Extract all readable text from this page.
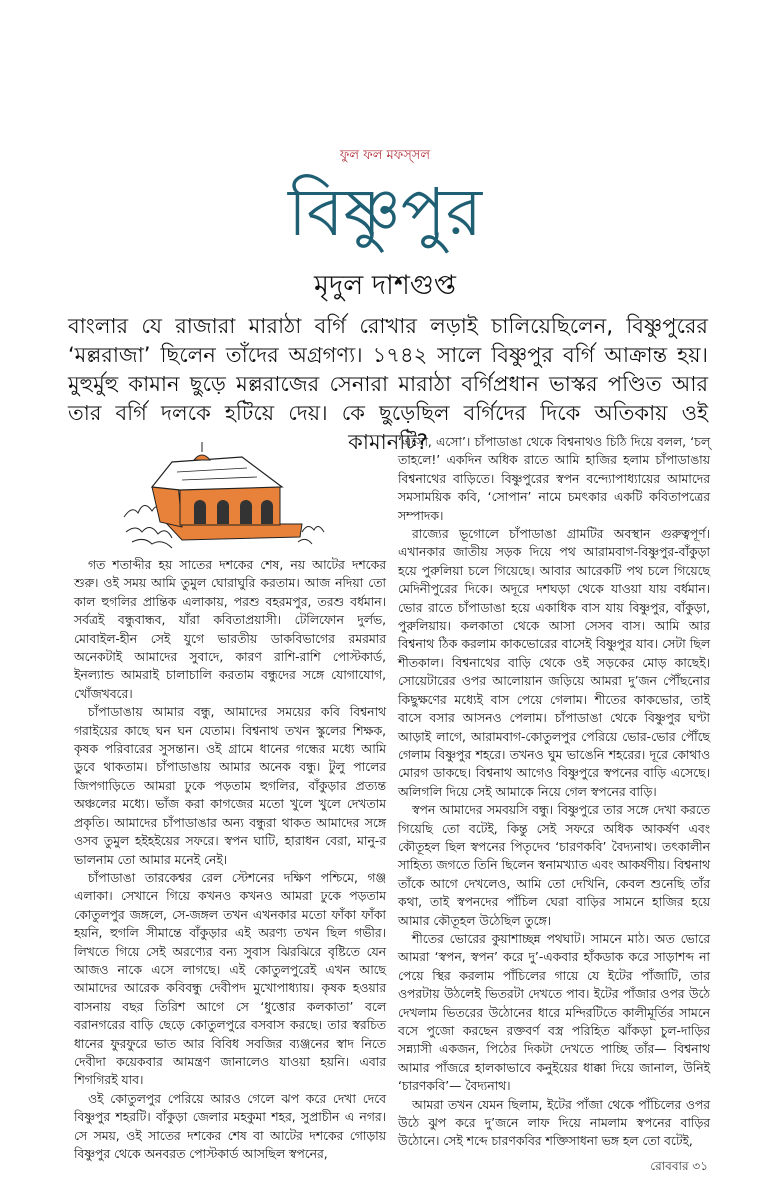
ফুল ফল মফস্‌সল
বিষ্ণুপুর
মৃদুল দাশগুপ্ত
বাংলার যে রাজারা মারাঠা বর্গি রোখার লড়াই চালিয়েছিলেন, বিষ্ণুপুরের ‘মল্লরাজা’ ছিলেন তাঁদের অগ্রগণ্য। ১৭৪২ সালে বিষ্ণুপুর বর্গি আক্রান্ত হয়। মুহুর্মুহু কামান ছুড়ে মল্লরাজের সেনারা মারাঠা বর্গিপ্রধান ভাস্কর পণ্ডিত আর তার বর্গি দলকে হটিয়ে দেয়। কে ছুড়েছিল বর্গিদের দিকে অতিকায় ওই কামানটি?

গত শতাব্দীর হয় সাতের দশকের শেষ, নয় আটের দশকের শুরু। ওই সময় আমি তুমুল ঘোরাঘুরি করতাম। আজ নদিয়া তো কাল হুগলির প্রান্তিক এলাকায়, পরশু বহরমপুর, তরশু বর্ধমান। সর্বত্রই বন্ধুবান্ধব, যাঁরা কবিতাপ্রয়াসী। টেলিফোন দুর্লভ, মোবাইল-হীন সেই যুগে ভারতীয় ডাকবিভাগের রমরমার অনেকটাই আমাদের সুবাদে, কারণ রাশি-রাশি পোস্টকার্ড, ইনল্যান্ড আমরাই চালাচালি করতাম বন্ধুদের সঙ্গে যোগাযোগ, খোঁজখবরে।

চাঁপাডাঙায় আমার বন্ধু, আমাদের সময়ের কবি বিশ্বনাথ গরাইয়ের কাছে ঘন ঘন যেতাম। বিশ্বনাথ তখন স্কুলের শিক্ষক, কৃষক পরিবারের সুসন্তান। ওই গ্রামে ধানের গন্ধের মধ্যে আমি ডুবে থাকতাম। চাঁপাডাঙায় আমার অনেক বন্ধু। টুলু পালের জিপগাড়িতে আমরা ঢুকে পড়তাম হুগলির, বাঁকুড়ার প্রত্যন্ত অঞ্চলের মধ্যে। ভাঁজ করা কাগজের মতো খুলে খুলে দেখতাম প্রকৃতি। আমাদের চাঁপাডাঙার অন্য বন্ধুরা থাকত আমাদের সঙ্গে ওসব তুমুল হইহইয়ের সফরে। স্বপন ঘাটি, হারাধন বেরা, মানু-র ভালনাম তো আমার মনেই নেই।

চাঁপাডাঙা তারকেশ্বর রেল স্টেশনের দক্ষিণ পশ্চিমে, গঞ্জ এলাকা। সেখানে গিয়ে কখনও কখনও আমরা ঢুকে পড়তাম কোতুলপুর জঙ্গলে, সে-জঙ্গল তখন এখনকার মতো ফাঁকা ফাঁকা হয়নি, হুগলি সীমান্তে বাঁকুড়ার এই অরণ্য তখন ছিল গভীর। লিখতে গিয়ে সেই অরণ্যের বন্য সুবাস ঝিরঝিরে বৃষ্টিতে যেন আজও নাকে এসে লাগছে। এই কোতুলপুরেই এখন আছে আমাদের আরেক কবিবন্ধু দেবীপদ মুখোপাধ্যায়। কৃষক হওয়ার বাসনায় বছর তিরিশ আগে সে ‘ধুত্তোর কলকাতা’ বলে বরানগরের বাড়ি ছেড়ে কোতুলপুরে বসবাস করছে। তার স্বরচিত ধানের ফুরফুরে ভাত আর বিবিধ সবজির ব্যঞ্জনের স্বাদ নিতে দেবীদা কয়েকবার আমন্ত্রণ জানালেও যাওয়া হয়নি। এবার শিগগিরই যাব।

ওই কোতুলপুর পেরিয়ে আরও গেলে ঝপ করে দেখা দেবে বিষ্ণুপুর শহরটি। বাঁকুড়া জেলার মহকুমা শহর, সুপ্রাচীন এ নগর। সে সময়, ওই সাতের দশকের শেষ বা আটের দশকের গোড়ায় বিষ্ণুপুর থেকে অনবরত পোস্টকার্ড আসছিল স্বপনের,

‘এসো, এসো’। চাঁপাডাঙা থেকে বিশ্বনাথও চিঠি দিয়ে বলল, ‘চল্ তাহলে!’ একদিন অধিক রাতে আমি হাজির হলাম চাঁপাডাঙায় বিশ্বনাথের বাড়িতে। বিষ্ণুপুরের স্বপন বন্দ্যোপাধ্যায়ের আমাদের সমসাময়িক কবি, ‘সোপান’ নামে চমৎকার একটি কবিতাপত্রের সম্পাদক।

রাজ্যের ভূগোলে চাঁপাডাঙা গ্রামটির অবস্থান গুরুত্বপূর্ণ। এখানকার জাতীয় সড়ক দিয়ে পথ আরামবাগ-বিষ্ণুপুর-বাঁকুড়া হয়ে পুরুলিয়া চলে গিয়েছে। আবার আরেকটি পথ চলে গিয়েছে মেদিনীপুরের দিকে। অদূরে দশঘড়া থেকে যাওয়া যায় বর্ধমান। ভোর রাতে চাঁপাডাঙা হয়ে একাধিক বাস যায় বিষ্ণুপুর, বাঁকুড়া, পুরুলিয়ায়। কলকাতা থেকে আসা সেসব বাস। আমি আর বিশ্বনাথ ঠিক করলাম কাকভোরের বাসেই বিষ্ণুপুর যাব। সেটা ছিল শীতকাল। বিশ্বনাথের বাড়ি থেকে ওই সড়কের মোড় কাছেই। সোয়েটারের ওপর আলোয়ান জড়িয়ে আমরা দু’জন পৌঁছনোর কিছুক্ষণের মধ্যেই বাস পেয়ে গেলাম। শীতের কাকভোর, তাই বাসে বসার আসনও পেলাম। চাঁপাডাঙা থেকে বিষ্ণুপুর ঘণ্টা আড়াই লাগে, আরামবাগ-কোতুলপুর পেরিয়ে ভোর-ভোর পৌঁছে গেলাম বিষ্ণুপুর শহরে। তখনও ঘুম ভাঙেনি শহরের। দূরে কোথাও মোরগ ডাকছে। বিশ্বনাথ আগেও বিষ্ণুপুরে স্বপনের বাড়ি এসেছে। অলিগলি দিয়ে সেই আমাকে নিয়ে গেল স্বপনের বাড়ি।

স্বপন আমাদের সমবয়সি বন্ধু। বিষ্ণুপুরে তার সঙ্গে দেখা করতে গিয়েছি তো বটেই, কিন্তু সেই সফরে অধিক আকর্ষণ এবং কৌতূহল ছিল স্বপনের পিতৃদেব ‘চারণকবি’ বৈদ্যনাথ। তৎকালীন সাহিত্য জগতে তিনি ছিলেন স্বনামখ্যাত এবং আকর্ষণীয়। বিশ্বনাথ তাঁকে আগে দেখলেও, আমি তো দেখিনি, কেবল শুনেছি তাঁর কথা, তাই স্বপনদের পাঁচিল ঘেরা বাড়ির সামনে হাজির হয়ে আমার কৌতূহল উঠেছিল তুঙ্গে।

শীতের ভোরের কুয়াশাচ্ছন্ন পথঘাট। সামনে মাঠ। অত ভোরে আমরা ‘স্বপন, স্বপন’ করে দু’-একবার হাঁকডাক করে সাড়াশব্দ না পেয়ে স্থির করলাম পাঁচিলের গায়ে যে ইটের পাঁজাটি, তার ওপরটায় উঠলেই ভিতরটা দেখতে পাব। ইটের পাঁজার ওপর উঠে দেখলাম ভিতরের উঠোনের ধারে মন্দিরটিতে কালীমূর্তির সামনে বসে পুজো করছেন রক্তবর্ণ বস্ত্র পরিহিত ঝাঁকড়া চুল-দাড়ির সন্ন্যাসী একজন, পিঠের দিকটা দেখতে পাচ্ছি তাঁর— বিশ্বনাথ আমার পাঁজরে হালকাভাবে কনুইয়ের ধাক্কা দিয়ে জানাল, উনিই ‘চারণকবি’— বৈদ্যনাথ।

আমরা তখন যেমন ছিলাম, ইটের পাঁজা থেকে পাঁচিলের ওপর উঠে ঝুপ করে দু’জনে লাফ দিয়ে নামলাম স্বপনের বাড়ির উঠোনে। সেই শব্দে চারণকবির শক্তিসাধনা ভঙ্গ হল তো বটেই,

রোববার ৩১
